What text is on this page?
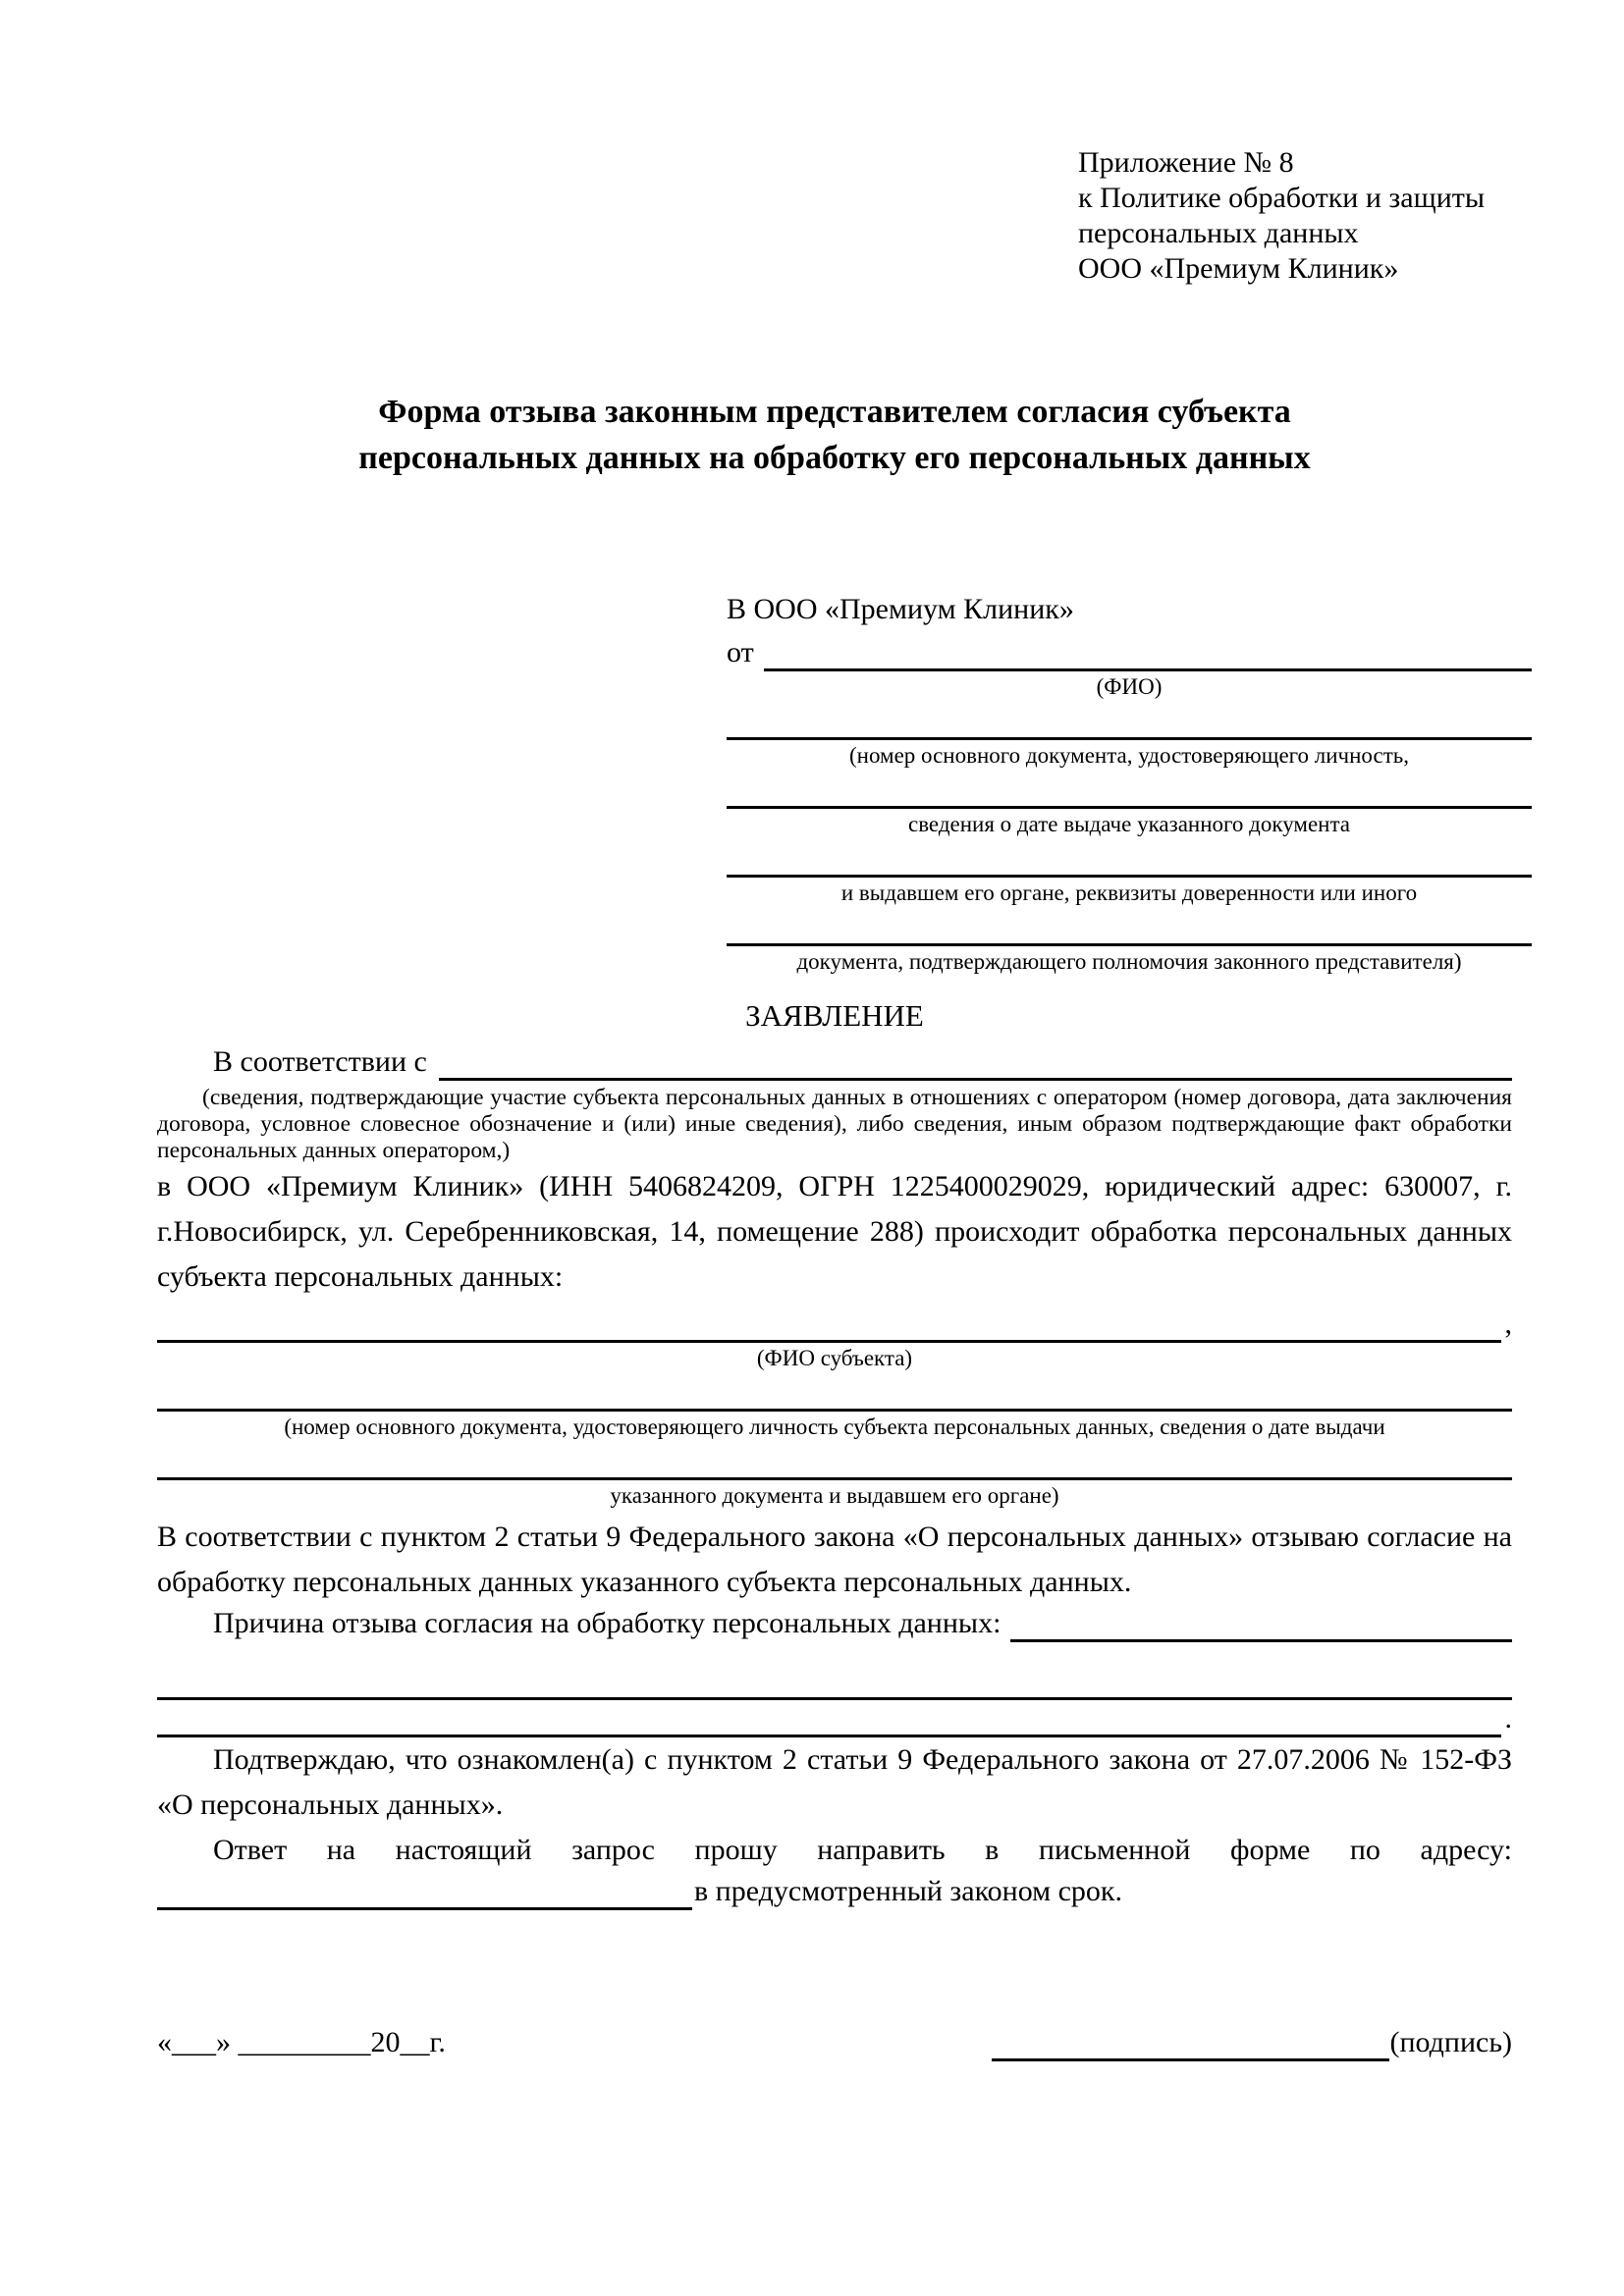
Приложение № 8
к Политике обработки и защиты
персональных данных
ООО «Премиум Клиник»
Форма отзыва законным представителем согласия субъекта
персональных данных на обработку его персональных данных
В ООО «Премиум Клиник»
от
(ФИО)
(номер основного документа, удостоверяющего личность,
сведения о дате выдаче указанного документа
и выдавшем его органе, реквизиты доверенности или иного
документа, подтверждающего полномочия законного представителя)
ЗАЯВЛЕНИЕ
В соответствии с
(сведения, подтверждающие участие субъекта персональных данных в отношениях с оператором (номер договора, дата заключения договора, условное словесное обозначение и (или) иные сведения), либо сведения, иным образом подтверждающие факт обработки персональных данных оператором,)

в ООО «Премиум Клиник» (ИНН 5406824209, ОГРН 1225400029029, юридический адрес: 630007, г. г.Новосибирск, ул. Серебренниковская, 14, помещение 288) происходит обработка персональных данных субъекта персональных данных:

,
(ФИО субъекта)
(номер основного документа, удостоверяющего личность субъекта персональных данных, сведения о дате выдачи
указанного документа и выдавшем его органе)

В соответствии с пунктом 2 статьи 9 Федерального закона «О персональных данных» отзываю согласие на обработку персональных данных указанного субъекта персональных данных.

Причина отзыва согласия на обработку персональных данных:
.

Подтверждаю, что ознакомлен(а) с пунктом 2 статьи 9 Федерального закона от 27.07.2006 № 152-ФЗ «О персональных данных».

Ответ на настоящий запрос прошу направить в письменной форме по адресу:

в предусмотренный законом срок.
«___» _________20__г.	(подпись)
